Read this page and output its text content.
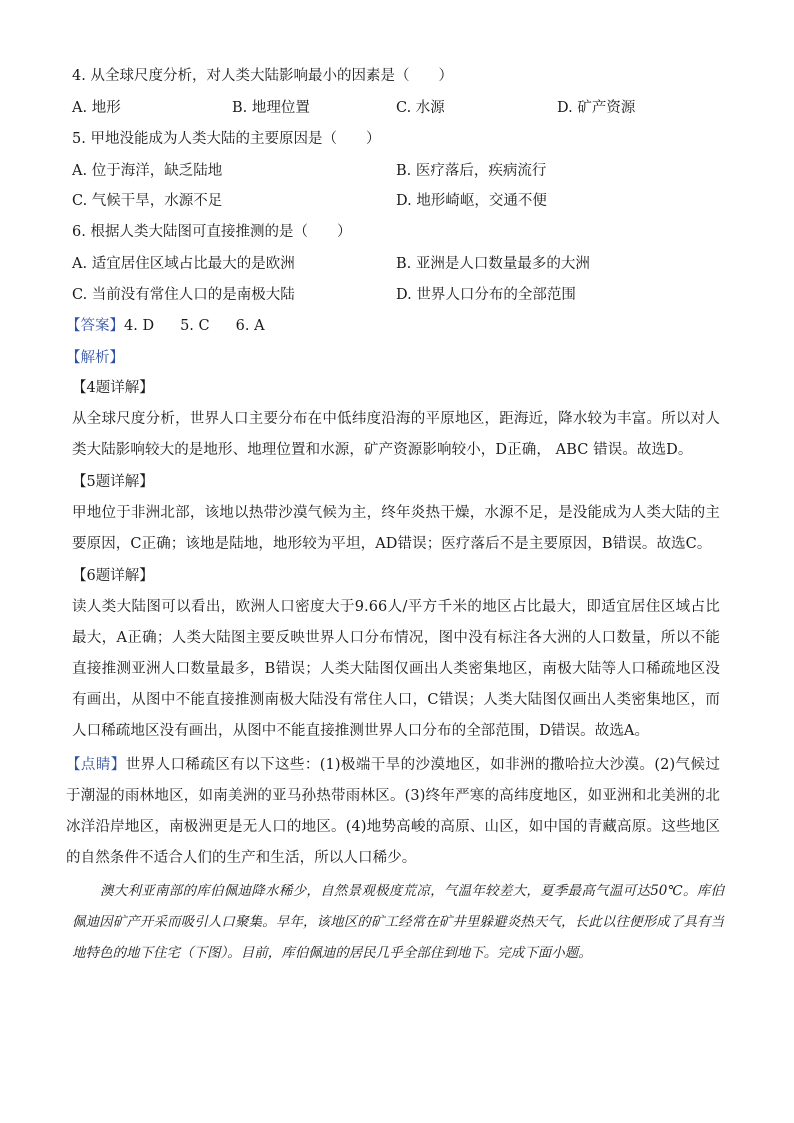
4. 从全球尺度分析，对人类大陆影响最小的因素是（　　）
A. 地形	B. 地理位置	C. 水源	D. 矿产资源
5. 甲地没能成为人类大陆的主要原因是（　　）
A. 位于海洋，缺乏陆地	B. 医疗落后，疾病流行
C. 气候干旱，水源不足	D. 地形崎岖，交通不便
6. 根据人类大陆图可直接推测的是（　　）
A. 适宜居住区域占比最大的是欧洲	B. 亚洲是人口数量最多的大洲
C. 当前没有常住人口的是南极大陆	D. 世界人口分布的全部范围
【答案】4. D 5. C 6. A
【解析】
【4题详解】
从全球尺度分析，世界人口主要分布在中低纬度沿海的平原地区，距海近，降水较为丰富。所以对人类大陆影响较大的是地形、地理位置和水源，矿产资源影响较小，D正确， ABC 错误。故选D。
【5题详解】
甲地位于非洲北部，该地以热带沙漠气候为主，终年炎热干燥，水源不足，是没能成为人类大陆的主要原因，C正确；该地是陆地，地形较为平坦，AD错误；医疗落后不是主要原因，B错误。故选C。
【6题详解】
读人类大陆图可以看出，欧洲人口密度大于9.66人/平方千米的地区占比最大，即适宜居住区域占比最大，A正确；人类大陆图主要反映世界人口分布情况，图中没有标注各大洲的人口数量，所以不能直接推测亚洲人口数量最多，B错误；人类大陆图仅画出人类密集地区，南极大陆等人口稀疏地区没有画出，从图中不能直接推测南极大陆没有常住人口，C错误；人类大陆图仅画出人类密集地区，而人口稀疏地区没有画出，从图中不能直接推测世界人口分布的全部范围，D错误。故选A。
【点睛】世界人口稀疏区有以下这些：(1)极端干旱的沙漠地区，如非洲的撒哈拉大沙漠。(2)气候过于潮湿的雨林地区，如南美洲的亚马孙热带雨林区。(3)终年严寒的高纬度地区，如亚洲和北美洲的北冰洋沿岸地区，南极洲更是无人口的地区。(4)地势高峻的高原、山区，如中国的青藏高原。这些地区的自然条件不适合人们的生产和生活，所以人口稀少。
澳大利亚南部的库伯佩迪降水稀少，自然景观极度荒凉，气温年较差大，夏季最高气温可达50℃。库伯佩迪因矿产开采而吸引人口聚集。早年，该地区的矿工经常在矿井里躲避炎热天气，长此以往便形成了具有当地特色的地下住宅（下图）。目前，库伯佩迪的居民几乎全部住到地下。完成下面小题。
